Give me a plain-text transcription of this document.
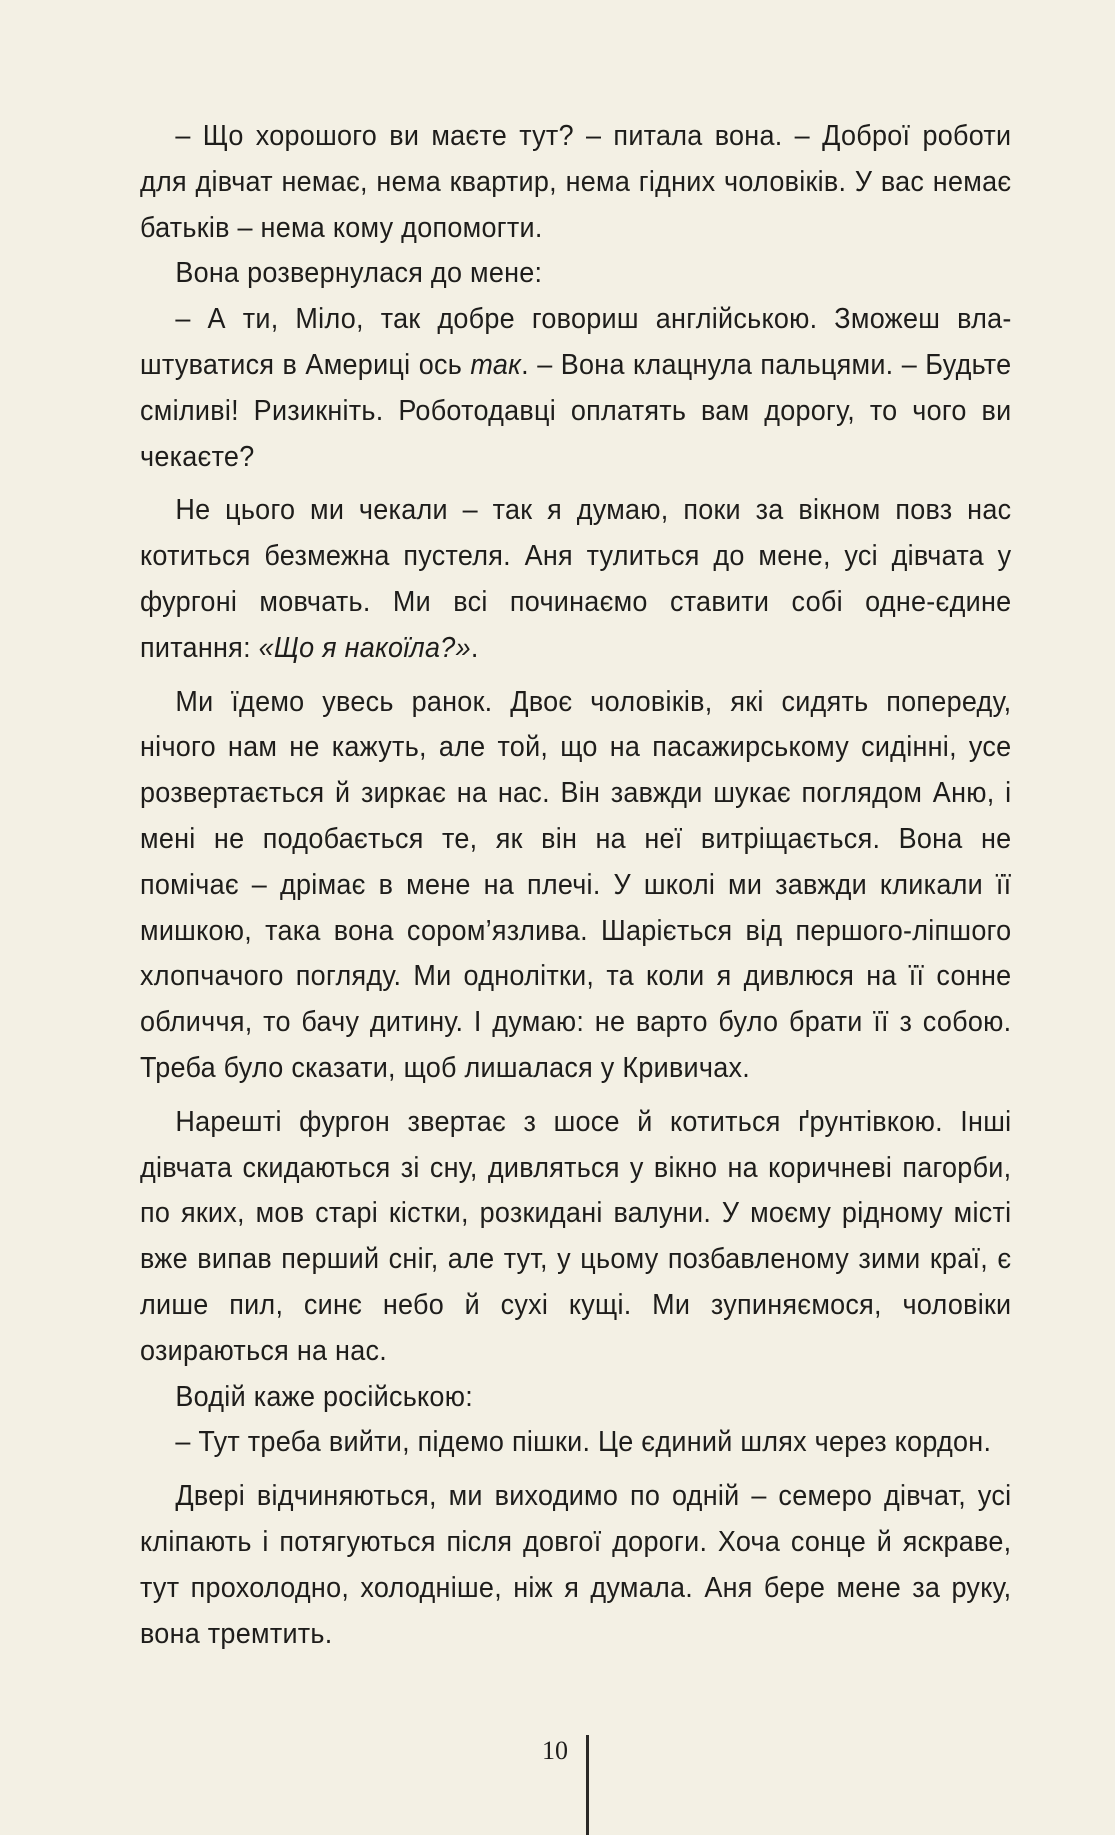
– Що хорошого ви маєте тут? – питала вона. – Доброї роботи для дівчат немає, нема квартир, нема гідних чоловіків. У вас немає батьків – нема кому допомогти.

Вона розвернулася до мене:

– А ти, Міло, так добре говориш англійською. Зможеш влаштуватися в Америці ось так. – Вона клацнула пальцями. – Будьте сміливі! Ризикніть. Роботодавці оплатять вам дорогу, то чого ви чекаєте?

Не цього ми чекали – так я думаю, поки за вікном повз нас котиться безмежна пустеля. Аня тулиться до мене, усі дівчата у фургоні мовчать. Ми всі починаємо ставити собі одне-єдине питання: «Що я накоїла?».

Ми їдемо увесь ранок. Двоє чоловіків, які сидять попереду, нічого нам не кажуть, але той, що на пасажирському сидінні, усе розвертається й зиркає на нас. Він завжди шукає поглядом Аню, і мені не подобається те, як він на неї витріщається. Вона не помічає – дрімає в мене на плечі. У школі ми завжди кликали її мишкою, така вона сором’язлива. Шаріється від першого-ліпшого хлопчачого погляду. Ми однолітки, та коли я дивлюся на її сонне обличчя, то бачу дитину. І думаю: не варто було брати її з собою. Треба було сказати, щоб лишалася у Кривичах.

Нарешті фургон звертає з шосе й котиться ґрунтівкою. Інші дівчата скидаються зі сну, дивляться у вікно на коричневі пагорби, по яких, мов старі кістки, розкидані валуни. У моєму рідному місті вже випав перший сніг, але тут, у цьому позбавленому зими краї, є лише пил, синє небо й сухі кущі. Ми зупиняємося, чоловіки озираються на нас.

Водій каже російською:

– Тут треба вийти, підемо пішки. Це єдиний шлях через кордон.

Двері відчиняються, ми виходимо по одній – семеро дівчат, усі кліпають і потягуються після довгої дороги. Хоча сонце й яскраве, тут прохолодно, холодніше, ніж я думала. Аня бере мене за руку, вона тремтить.

10
